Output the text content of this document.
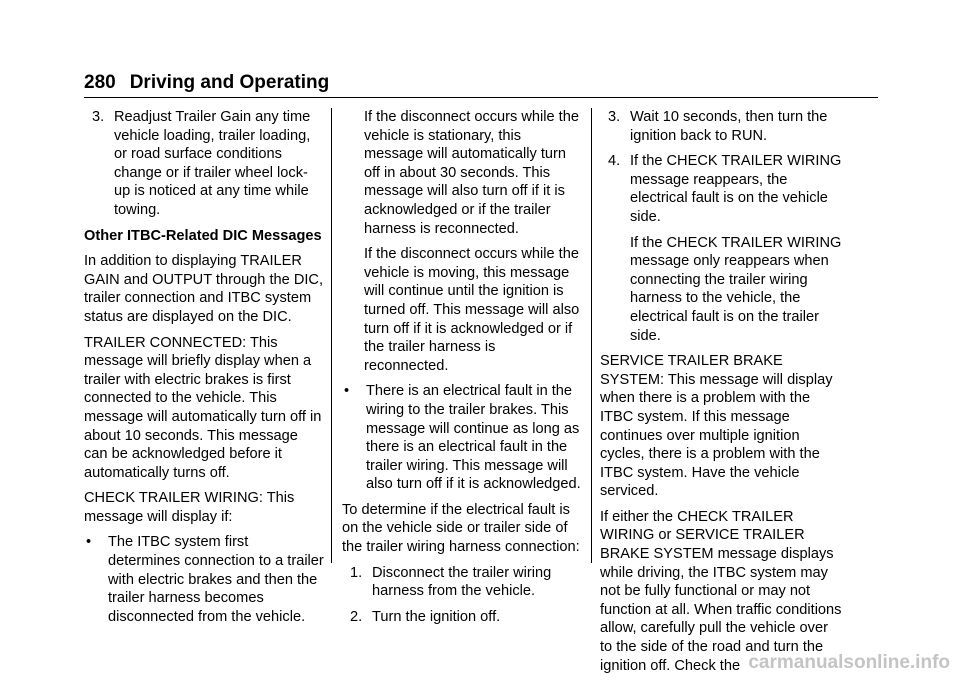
280 Driving and Operating
3. Readjust Trailer Gain any time vehicle loading, trailer loading, or road surface conditions change or if trailer wheel lock-up is noticed at any time while towing.

Other ITBC-Related DIC Messages

In addition to displaying TRAILER GAIN and OUTPUT through the DIC, trailer connection and ITBC system status are displayed on the DIC.

TRAILER CONNECTED: This message will briefly display when a trailer with electric brakes is first connected to the vehicle. This message will automatically turn off in about 10 seconds. This message can be acknowledged before it automatically turns off.

CHECK TRAILER WIRING: This message will display if:

•	The ITBC system first determines connection to a trailer with electric brakes and then the trailer harness becomes disconnected from the vehicle.

If the disconnect occurs while the vehicle is stationary, this message will automatically turn off in about 30 seconds. This message will also turn off if it is acknowledged or if the trailer harness is reconnected.

If the disconnect occurs while the vehicle is moving, this message will continue until the ignition is turned off. This message will also turn off if it is acknowledged or if the trailer harness is reconnected.

•	There is an electrical fault in the wiring to the trailer brakes. This message will continue as long as there is an electrical fault in the trailer wiring. This message will also turn off if it is acknowledged.

To determine if the electrical fault is on the vehicle side or trailer side of the trailer wiring harness connection:

1. Disconnect the trailer wiring harness from the vehicle.
2. Turn the ignition off.
3. Wait 10 seconds, then turn the ignition back to RUN.
4. If the CHECK TRAILER WIRING message reappears, the electrical fault is on the vehicle side.

If the CHECK TRAILER WIRING message only reappears when connecting the trailer wiring harness to the vehicle, the electrical fault is on the trailer side.

SERVICE TRAILER BRAKE SYSTEM: This message will display when there is a problem with the ITBC system. If this message continues over multiple ignition cycles, there is a problem with the ITBC system. Have the vehicle serviced.

If either the CHECK TRAILER WIRING or SERVICE TRAILER BRAKE SYSTEM message displays while driving, the ITBC system may not be fully functional or may not function at all. When traffic conditions allow, carefully pull the vehicle over to the side of the road and turn the ignition off. Check the carmanualsonline.info
